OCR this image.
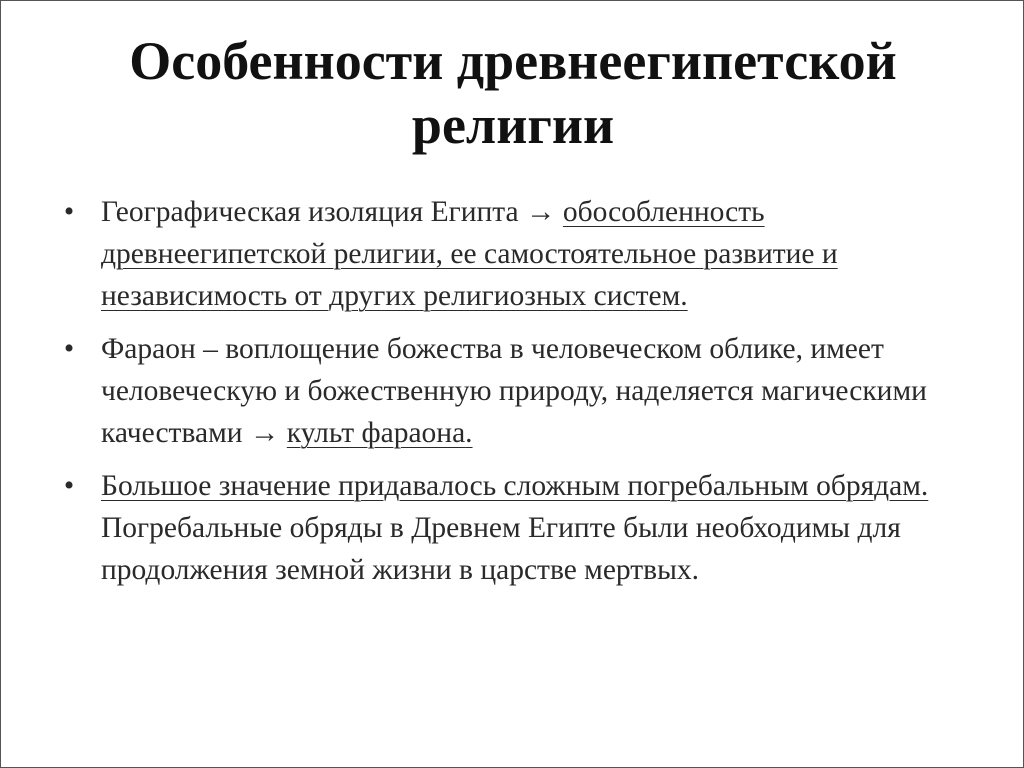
Особенности древнеегипетской
религии
• Географическая изоляция Египта → обособленность древнеегипетской религии, ее самостоятельное развитие и независимость от других религиозных систем.
• Фараон – воплощение божества в человеческом облике, имеет человеческую и божественную природу, наделяется магическими качествами → культ фараона.
• Большое значение придавалось сложным погребальным обрядам. Погребальные обряды в Древнем Египте были необходимы для продолжения земной жизни в царстве мертвых.
